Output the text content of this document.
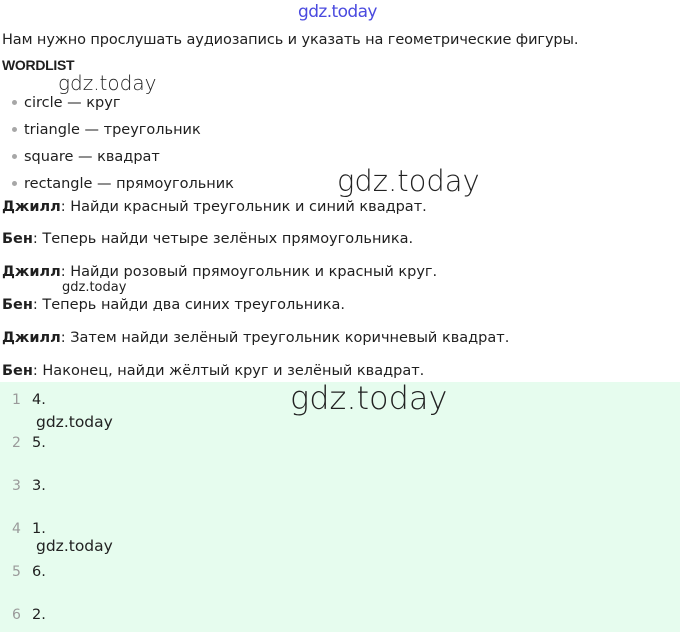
Нам нужно прослушать аудиозапись и указать на геометрические фигуры.
WORDLIST
circle — круг
triangle — треугольник
square — квадрат
rectangle — прямоугольник
Джилл: Найди красный треугольник и синий квадрат.
Бен: Теперь найди четыре зелёных прямоугольника.
Джилл: Найди розовый прямоугольник и красный круг.
Бен: Теперь найди два синих треугольника.
Джилл: Затем найди зелёный треугольник коричневый квадрат.
Бен: Наконец, найди жёлтый круг и зелёный квадрат.
1 4.
2 5.
3 3.
4 1.
5 6.
6 2.
gdz.today
gdz.today
gdz.today
gdz.today
gdz.today
gdz.today
gdz.today
